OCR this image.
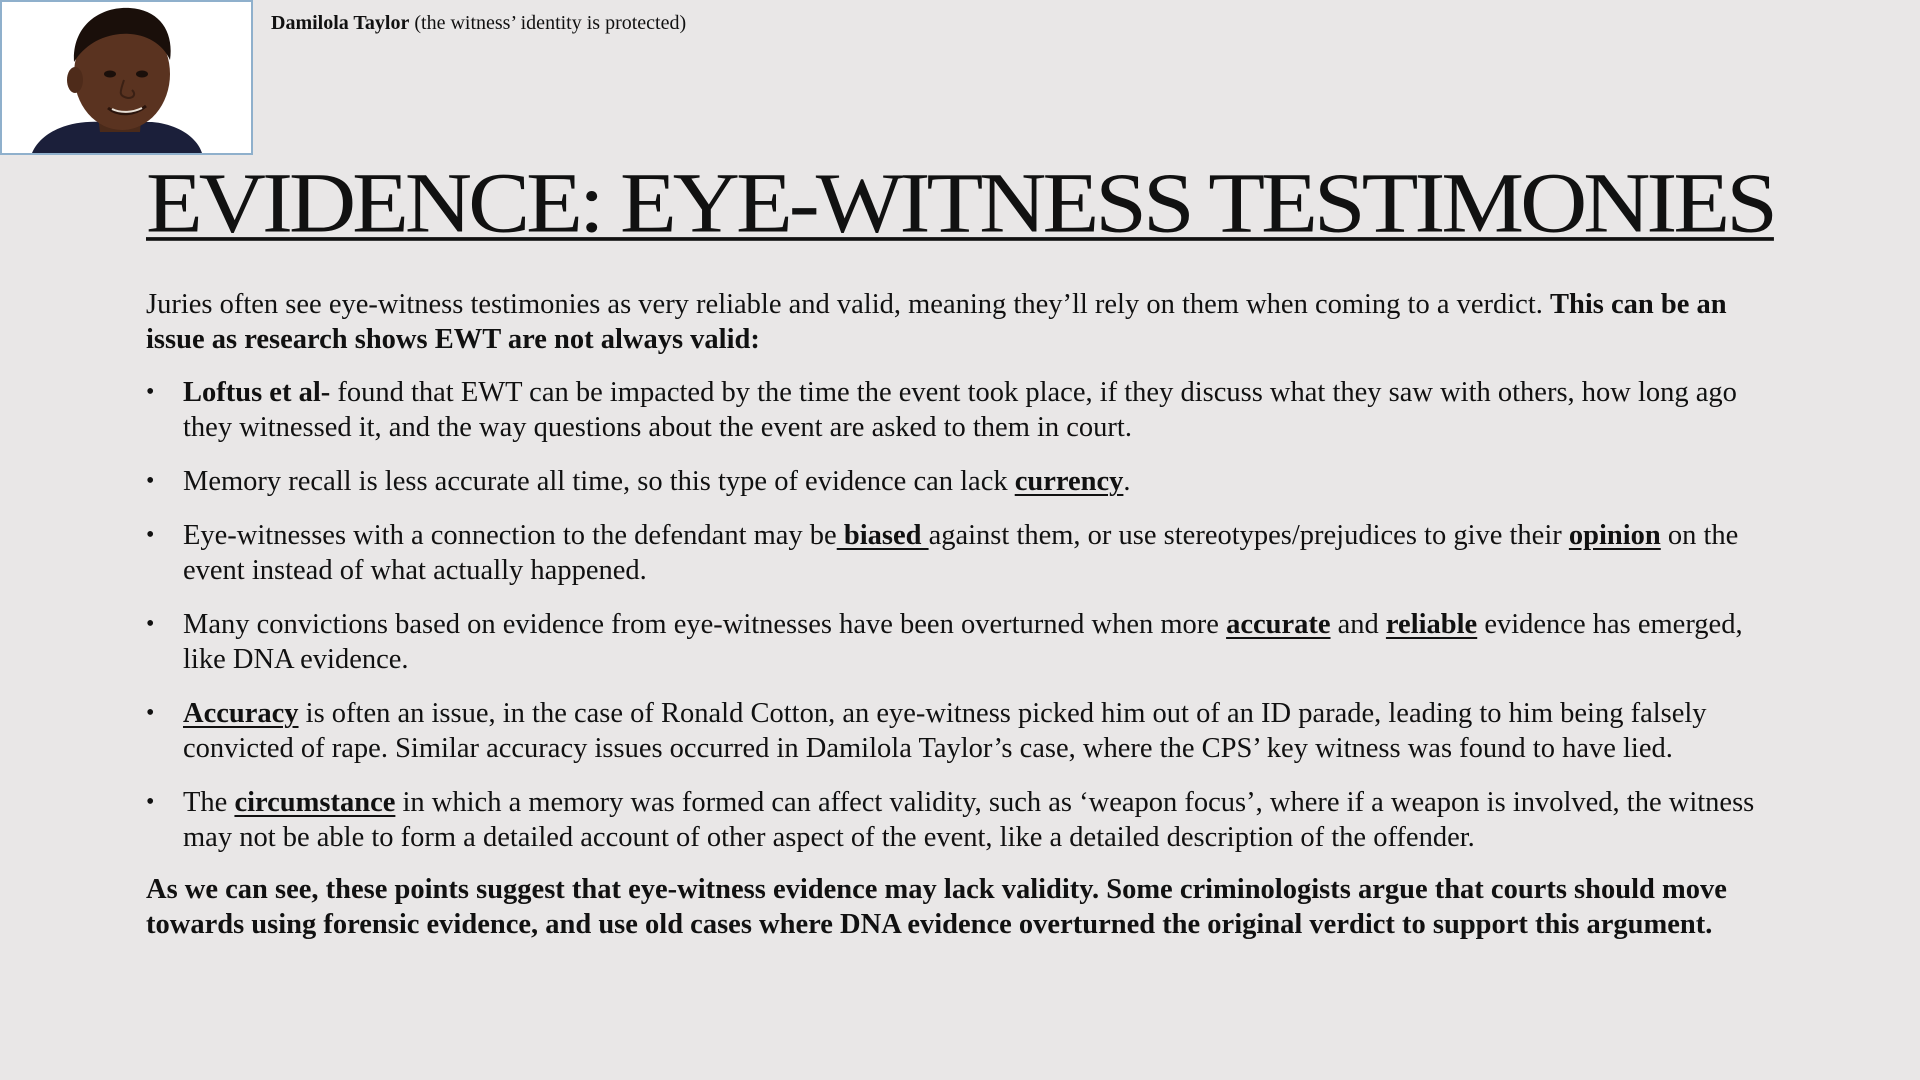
Damilola Taylor (the witness’ identity is protected)
EVIDENCE: EYE-WITNESS TESTIMONIES

Juries often see eye-witness testimonies as very reliable and valid, meaning they’ll rely on them when coming to a verdict. This can be an issue as research shows EWT are not always valid:

• Loftus et al- found that EWT can be impacted by the time the event took place, if they discuss what they saw with others, how long ago they witnessed it, and the way questions about the event are asked to them in court.
• Memory recall is less accurate all time, so this type of evidence can lack currency.
• Eye-witnesses with a connection to the defendant may be biased against them, or use stereotypes/prejudices to give their opinion on the event instead of what actually happened.
• Many convictions based on evidence from eye-witnesses have been overturned when more accurate and reliable evidence has emerged, like DNA evidence.
• Accuracy is often an issue, in the case of Ronald Cotton, an eye-witness picked him out of an ID parade, leading to him being falsely convicted of rape. Similar accuracy issues occurred in Damilola Taylor’s case, where the CPS’ key witness was found to have lied.
• The circumstance in which a memory was formed can affect validity, such as ‘weapon focus’, where if a weapon is involved, the witness may not be able to form a detailed account of other aspect of the event, like a detailed description of the offender.

As we can see, these points suggest that eye-witness evidence may lack validity. Some criminologists argue that courts should move towards using forensic evidence, and use old cases where DNA evidence overturned the original verdict to support this argument.
